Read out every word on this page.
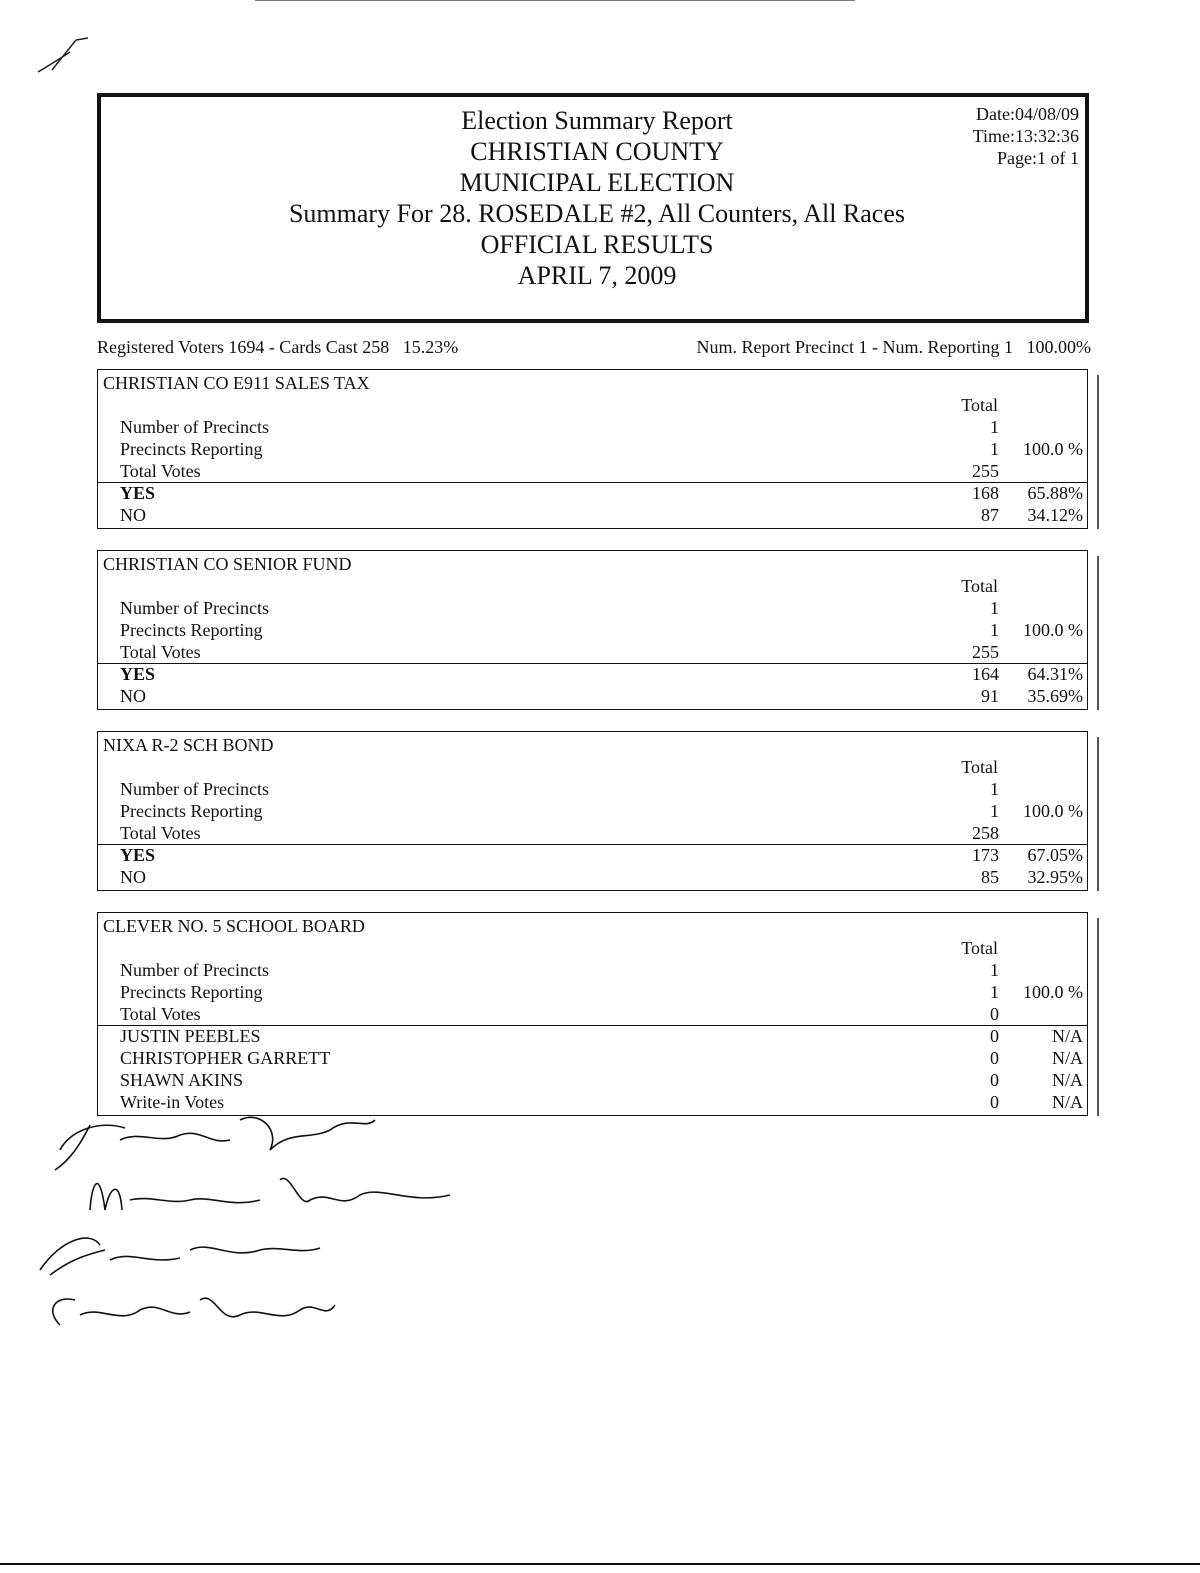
Election Summary Report
CHRISTIAN COUNTY
MUNICIPAL ELECTION
Summary For 28. ROSEDALE #2, All Counters, All Races
OFFICIAL RESULTS
APRIL 7, 2009
Date:04/08/09
Time:13:32:36
Page:1 of 1
Registered Voters 1694 - Cards Cast 258   15.23%	Num. Report Precinct 1 - Num. Reporting 1   100.00%
CHRISTIAN CO E911 SALES TAX
Total
Number of Precincts	1
Precincts Reporting	1 100.0 %
Total Votes	255
YES	168 65.88%
NO	87 34.12%
CHRISTIAN CO SENIOR FUND
Total
Number of Precincts	1
Precincts Reporting	1 100.0 %
Total Votes	255
YES	164 64.31%
NO	91 35.69%
NIXA R-2 SCH BOND
Total
Number of Precincts	1
Precincts Reporting	1 100.0 %
Total Votes	258
YES	173 67.05%
NO	85 32.95%
CLEVER NO. 5 SCHOOL BOARD
Total
Number of Precincts	1
Precincts Reporting	1 100.0 %
Total Votes	0
JUSTIN PEEBLES	0	N/A
CHRISTOPHER GARRETT	0	N/A
SHAWN AKINS	0	N/A
Write-in Votes	0	N/A
